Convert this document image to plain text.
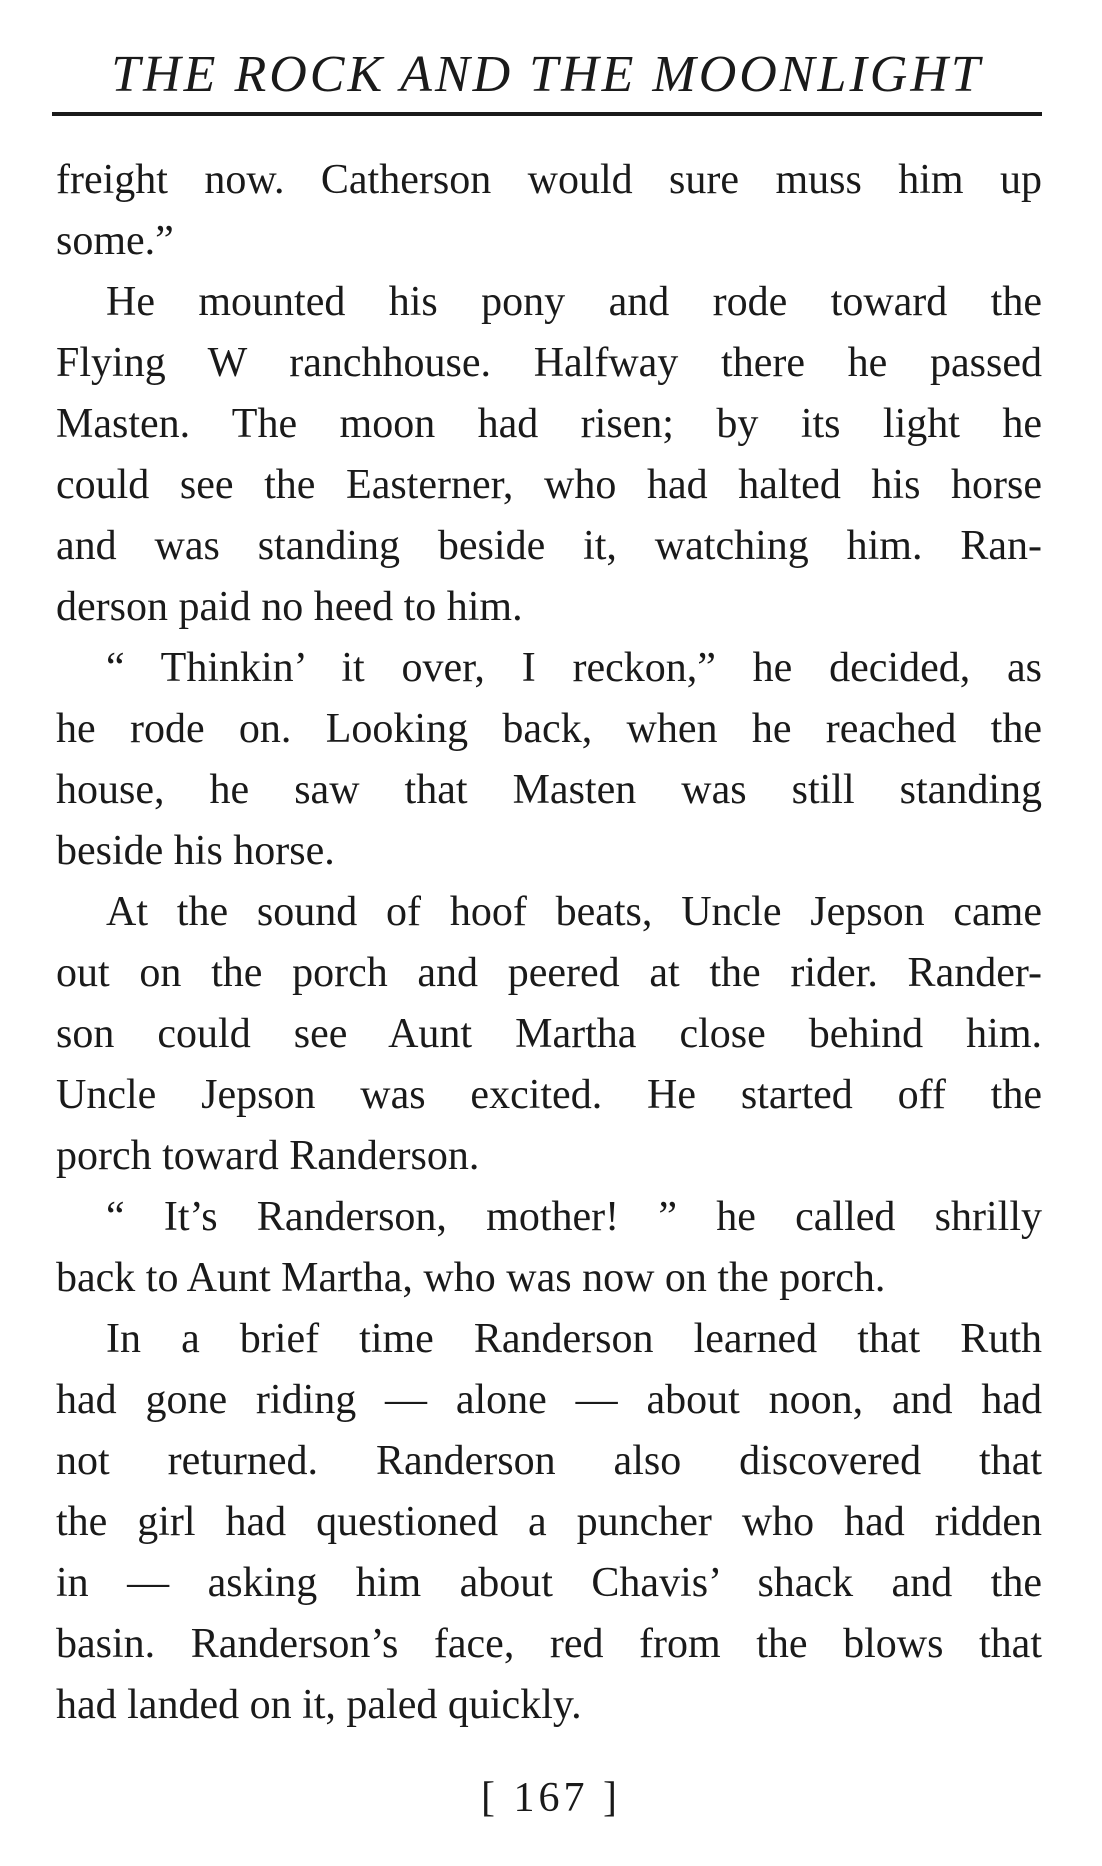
THE ROCK AND THE MOONLIGHT
freight now. Catherson would sure muss him up
some.”
He mounted his pony and rode toward the
Flying W ranchhouse. Halfway there he passed
Masten. The moon had risen; by its light he
could see the Easterner, who had halted his horse
and was standing beside it, watching him. Ran-
derson paid no heed to him.
“ Thinkin’ it over, I reckon,” he decided, as
he rode on. Looking back, when he reached the
house, he saw that Masten was still standing
beside his horse.
At the sound of hoof beats, Uncle Jepson came
out on the porch and peered at the rider. Rander-
son could see Aunt Martha close behind him.
Uncle Jepson was excited. He started off the
porch toward Randerson.
“ It’s Randerson, mother! ” he called shrilly
back to Aunt Martha, who was now on the porch.
In a brief time Randerson learned that Ruth
had gone riding — alone — about noon, and had
not returned. Randerson also discovered that
the girl had questioned a puncher who had ridden
in — asking him about Chavis’ shack and the
basin. Randerson’s face, red from the blows that
had landed on it, paled quickly.
[ 167 ]
